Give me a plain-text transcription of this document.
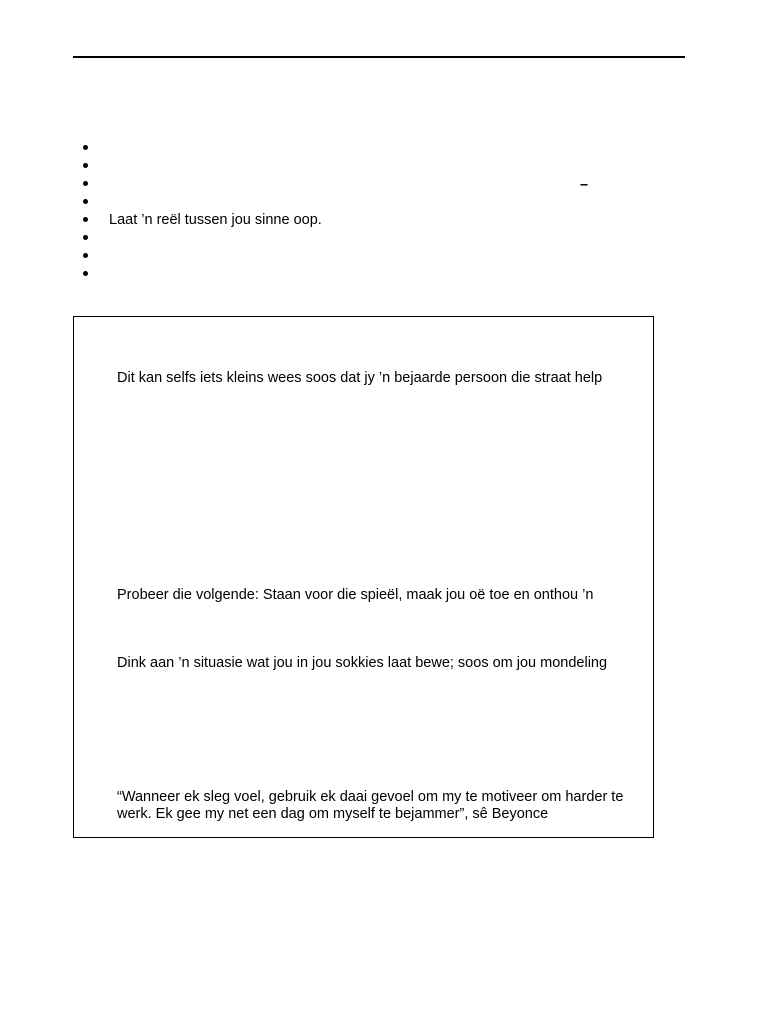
Laat ’n reël tussen jou sinne oop.
–

Dit kan selfs iets kleins wees soos dat jy ’n bejaarde persoon die straat help

Probeer die volgende: Staan voor die spieël, maak jou oë toe en onthou ’n

Dink aan ’n situasie wat jou in jou sokkies laat bewe; soos om jou mondeling

“Wanneer ek sleg voel, gebruik ek daai gevoel om my te motiveer om harder te werk. Ek gee my net een dag om myself te bejammer”, sê Beyonce
